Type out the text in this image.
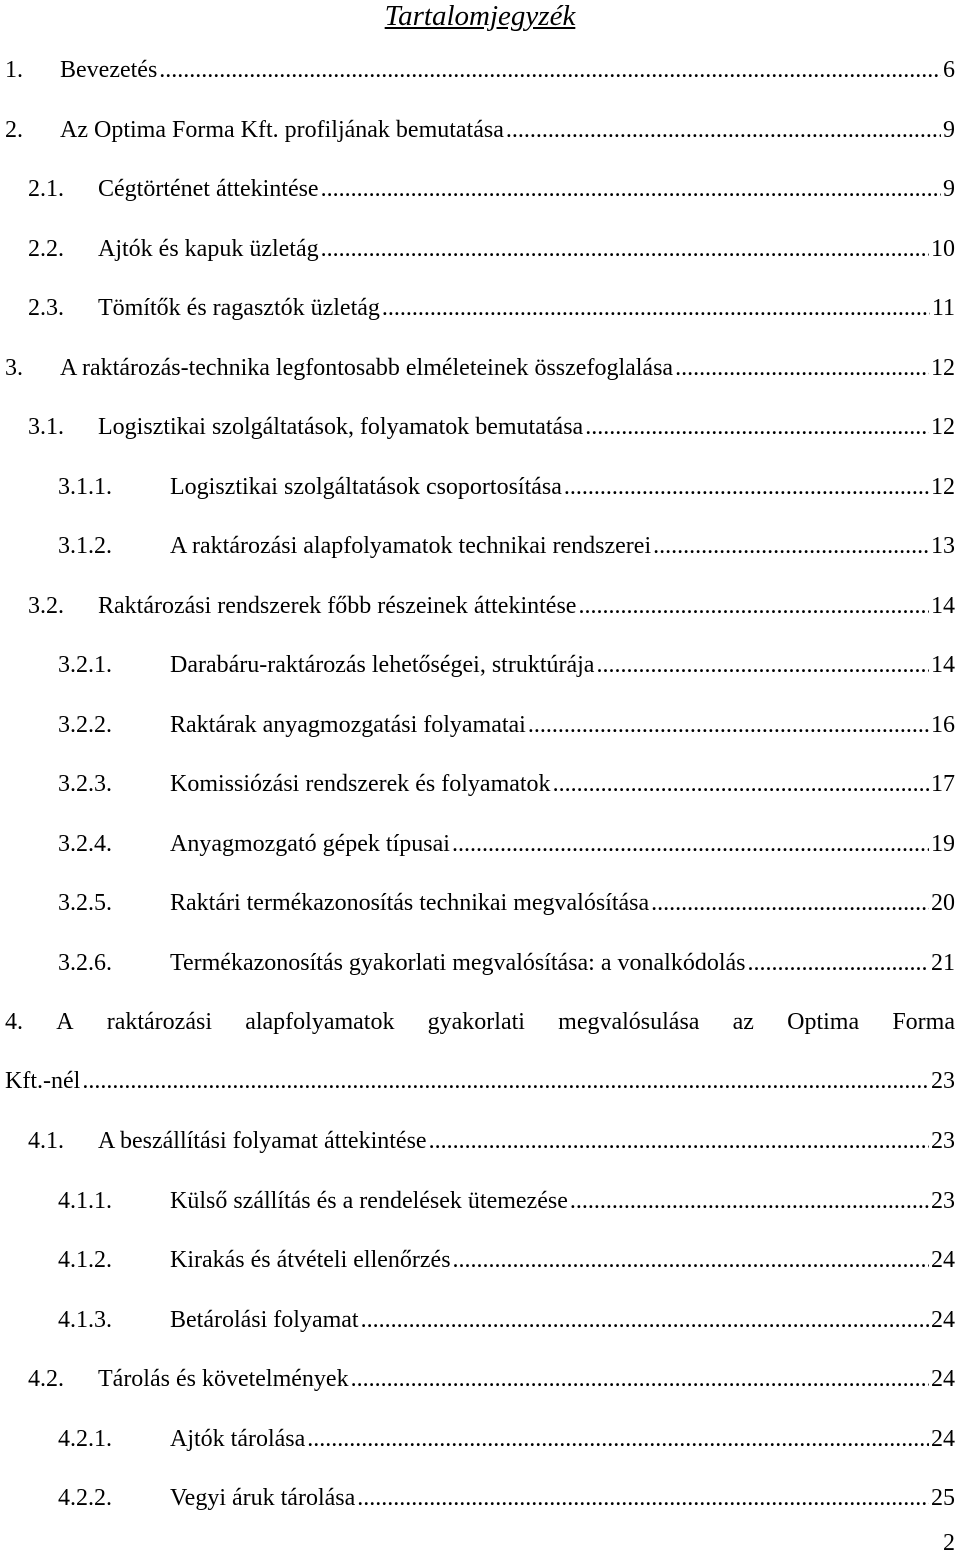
Tartalomjegyzék
1.	Bevezetés .....	6
2.	Az Optima Forma Kft. profiljának bemutatása .....	9
2.1.	Cégtörténet áttekintése .....	9
2.2.	Ajtók és kapuk üzletág .....	10
2.3.	Tömítők és ragasztók üzletág .....	11
3.	A raktározás-technika legfontosabb elméleteinek összefoglalása .....	12
3.1.	Logisztikai szolgáltatások, folyamatok bemutatása .....	12
3.1.1.	Logisztikai szolgáltatások csoportosítása .....	12
3.1.2.	A raktározási alapfolyamatok technikai rendszerei .....	13
3.2.	Raktározási rendszerek főbb részeinek áttekintése .....	14
3.2.1.	Darabáru-raktározás lehetőségei, struktúrája .....	14
3.2.2.	Raktárak anyagmozgatási folyamatai .....	16
3.2.3.	Komissiózási rendszerek és folyamatok .....	17
3.2.4.	Anyagmozgató gépek típusai .....	19
3.2.5.	Raktári termékazonosítás technikai megvalósítása .....	20
3.2.6.	Termékazonosítás gyakorlati megvalósítása: a vonalkódolás .....	21
4. A raktározási alapfolyamatok gyakorlati megvalósulása az Optima Forma
Kft.-nél .....	23
4.1.	A beszállítási folyamat áttekintése .....	23
4.1.1.	Külső szállítás és a rendelések ütemezése .....	23
4.1.2.	Kirakás és átvételi ellenőrzés .....	24
4.1.3.	Betárolási folyamat .....	24
4.2.	Tárolás és követelmények .....	24
4.2.1.	Ajtók tárolása .....	24
4.2.2.	Vegyi áruk tárolása .....	25
2
